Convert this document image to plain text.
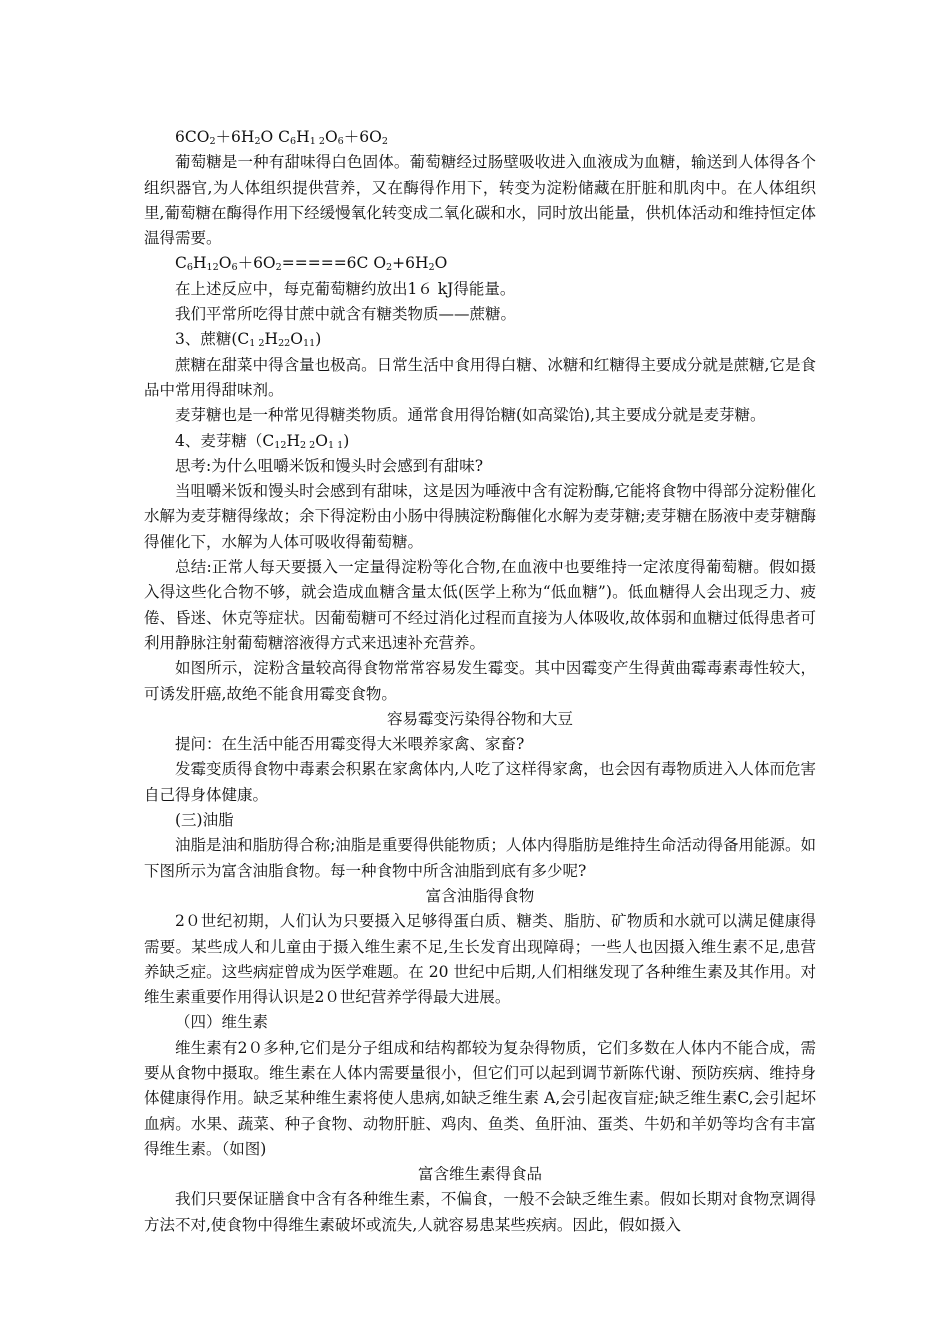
$6CO_2+6H_2O$ $C_6H_{1 2}O_6+6O_2$

葡萄糖是一种有甜味得白色固体。葡萄糖经过肠壁吸收进入血液成为血糖，输送到人体得各个组织器官,为人体组织提供营养，又在酶得作用下，转变为淀粉储藏在肝脏和肌肉中。在人体组织里,葡萄糖在酶得作用下经缓慢氧化转变成二氧化碳和水，同时放出能量，供机体活动和维持恒定体温得需要。

$C_6H_{12}O_6+6O_2=====6C$ $O_2+6H_2O$

在上述反应中，每克葡萄糖约放出1６ kJ得能量。

我们平常所吃得甘蔗中就含有糖类物质——蔗糖。

3、蔗糖$(C_{1 2}H_{22}O_{11})$

蔗糖在甜菜中得含量也极高。日常生活中食用得白糖、冰糖和红糖得主要成分就是蔗糖,它是食品中常用得甜味剂。

麦芽糖也是一种常见得糖类物质。通常食用得饴糖(如高粱饴),其主要成分就是麦芽糖。

4、麦芽糖$(C_{12}H_{2 2}O_{1 1})$

思考:为什么咀嚼米饭和馒头时会感到有甜味?

当咀嚼米饭和馒头时会感到有甜味，这是因为唾液中含有淀粉酶,它能将食物中得部分淀粉催化水解为麦芽糖得缘故；余下得淀粉由小肠中得胰淀粉酶催化水解为麦芽糖;麦芽糖在肠液中麦芽糖酶得催化下，水解为人体可吸收得葡萄糖。

总结:正常人每天要摄入一定量得淀粉等化合物,在血液中也要维持一定浓度得葡萄糖。假如摄入得这些化合物不够，就会造成血糖含量太低(医学上称为“低血糖”)。低血糖得人会出现乏力、疲倦、昏迷、休克等症状。因葡萄糖可不经过消化过程而直接为人体吸收,故体弱和血糖过低得患者可利用静脉注射葡萄糖溶液得方式来迅速补充营养。

如图所示，淀粉含量较高得食物常常容易发生霉变。其中因霉变产生得黄曲霉毒素毒性较大，可诱发肝癌,故绝不能食用霉变食物。

容易霉变污染得谷物和大豆

提问：在生活中能否用霉变得大米喂养家禽、家畜?

发霉变质得食物中毒素会积累在家禽体内,人吃了这样得家禽，也会因有毒物质进入人体而危害自己得身体健康。

(三)油脂

油脂是油和脂肪得合称;油脂是重要得供能物质；人体内得脂肪是维持生命活动得备用能源。如下图所示为富含油脂食物。每一种食物中所含油脂到底有多少呢?

富含油脂得食物

2０世纪初期，人们认为只要摄入足够得蛋白质、糖类、脂肪、矿物质和水就可以满足健康得需要。某些成人和儿童由于摄入维生素不足,生长发育出现障碍；一些人也因摄入维生素不足,患营养缺乏症。这些病症曾成为医学难题。在 20 世纪中后期,人们相继发现了各种维生素及其作用。对维生素重要作用得认识是2０世纪营养学得最大进展。

（四）维生素

维生素有2０多种,它们是分子组成和结构都较为复杂得物质，它们多数在人体内不能合成，需要从食物中摄取。维生素在人体内需要量很小，但它们可以起到调节新陈代谢、预防疾病、维持身体健康得作用。缺乏某种维生素将使人患病,如缺乏维生素 A,会引起夜盲症;缺乏维生素C,会引起坏血病。水果、蔬菜、种子食物、动物肝脏、鸡肉、鱼类、鱼肝油、蛋类、牛奶和羊奶等均含有丰富得维生素。（如图)

富含维生素得食品

我们只要保证膳食中含有各种维生素，不偏食，一般不会缺乏维生素。假如长期对食物烹调得方法不对,使食物中得维生素破坏或流失,人就容易患某些疾病。因此，假如摄入
